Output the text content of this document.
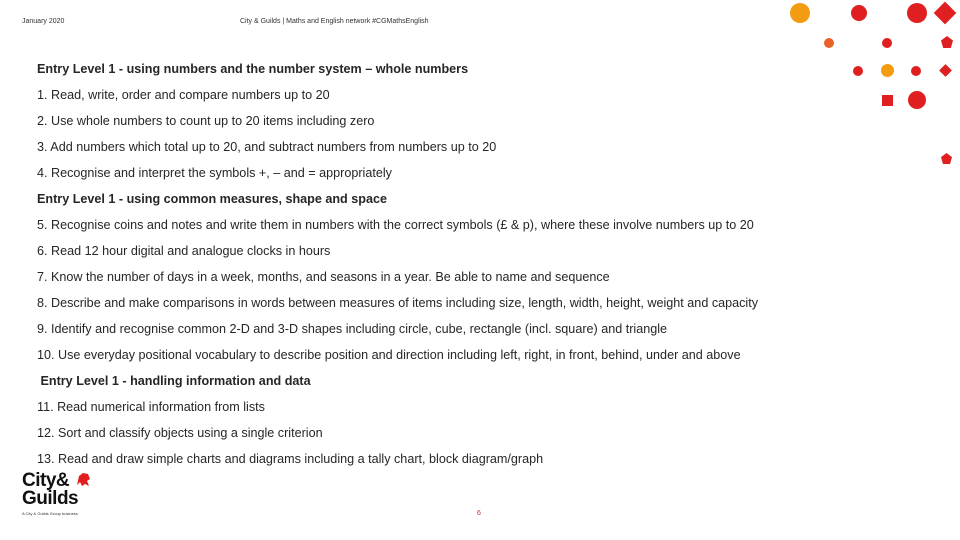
January 2020	City & Guilds | Maths and English network #CGMathsEnglish
Entry Level 1 - using numbers and the number system – whole numbers
1. Read, write, order and compare numbers up to 20
2. Use whole numbers to count up to 20 items including zero
3. Add numbers which total up to 20, and subtract numbers from numbers up to 20
4. Recognise and interpret the symbols +, – and = appropriately
Entry Level 1 - using common measures, shape and space
5. Recognise coins and notes and write them in numbers with the correct symbols (£ & p), where these involve numbers up to 20
6. Read 12 hour digital and analogue clocks in hours
7. Know the number of days in a week, months, and seasons in a year. Be able to name and sequence
8. Describe and make comparisons in words between measures of items including size, length, width, height, weight and capacity
9. Identify and recognise common 2-D and 3-D shapes including circle, cube, rectangle (incl. square) and triangle
10. Use everyday positional vocabulary to describe position and direction including left, right, in front, behind, under and above
Entry Level 1 - handling information and data
11. Read numerical information from lists
12. Sort and classify objects using a single criterion
13. Read and draw simple charts and diagrams including a tally chart, block diagram/graph
City&
Guilds
A City & Guilds Group business	6
